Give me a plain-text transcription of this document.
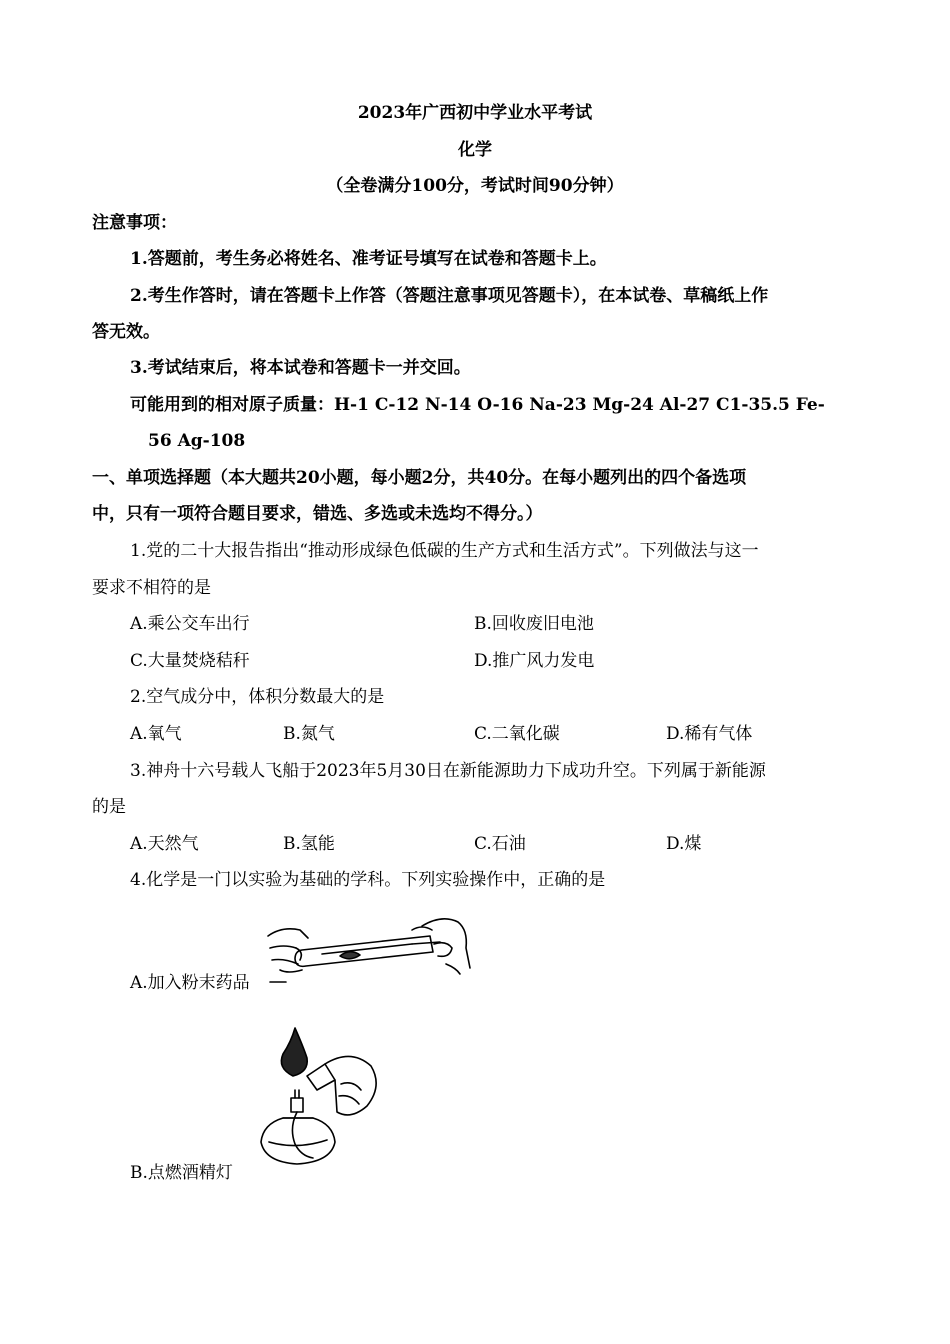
2023年广西初中学业水平考试
化学
（全卷满分100分，考试时间90分钟）
注意事项：
1.答题前，考生务必将姓名、准考证号填写在试卷和答题卡上。
2.考生作答时，请在答题卡上作答（答题注意事项见答题卡），在本试卷、草稿纸上作
答无效。
3.考试结束后，将本试卷和答题卡一并交回。
可能用到的相对原子质量：H-1 C-12 N-14 O-16 Na-23 Mg-24 Al-27 C1-35.5 Fe-
56 Ag-108
一、单项选择题（本大题共20小题，每小题2分，共40分。在每小题列出的四个备选项
中，只有一项符合题目要求，错选、多选或未选均不得分。）
1.党的二十大报告指出“推动形成绿色低碳的生产方式和生活方式”。下列做法与这一
要求不相符的是
A.乘公交车出行	B.回收废旧电池
C.大量焚烧秸秆	D.推广风力发电
2.空气成分中，体积分数最大的是
A.氧气	B.氮气	C.二氧化碳	D.稀有气体
3.神舟十六号载人飞船于2023年5月30日在新能源助力下成功升空。下列属于新能源
的是
A.天然气	B.氢能	C.石油	D.煤
4.化学是一门以实验为基础的学科。下列实验操作中，正确的是
A.加入粉末药品
B.点燃酒精灯
